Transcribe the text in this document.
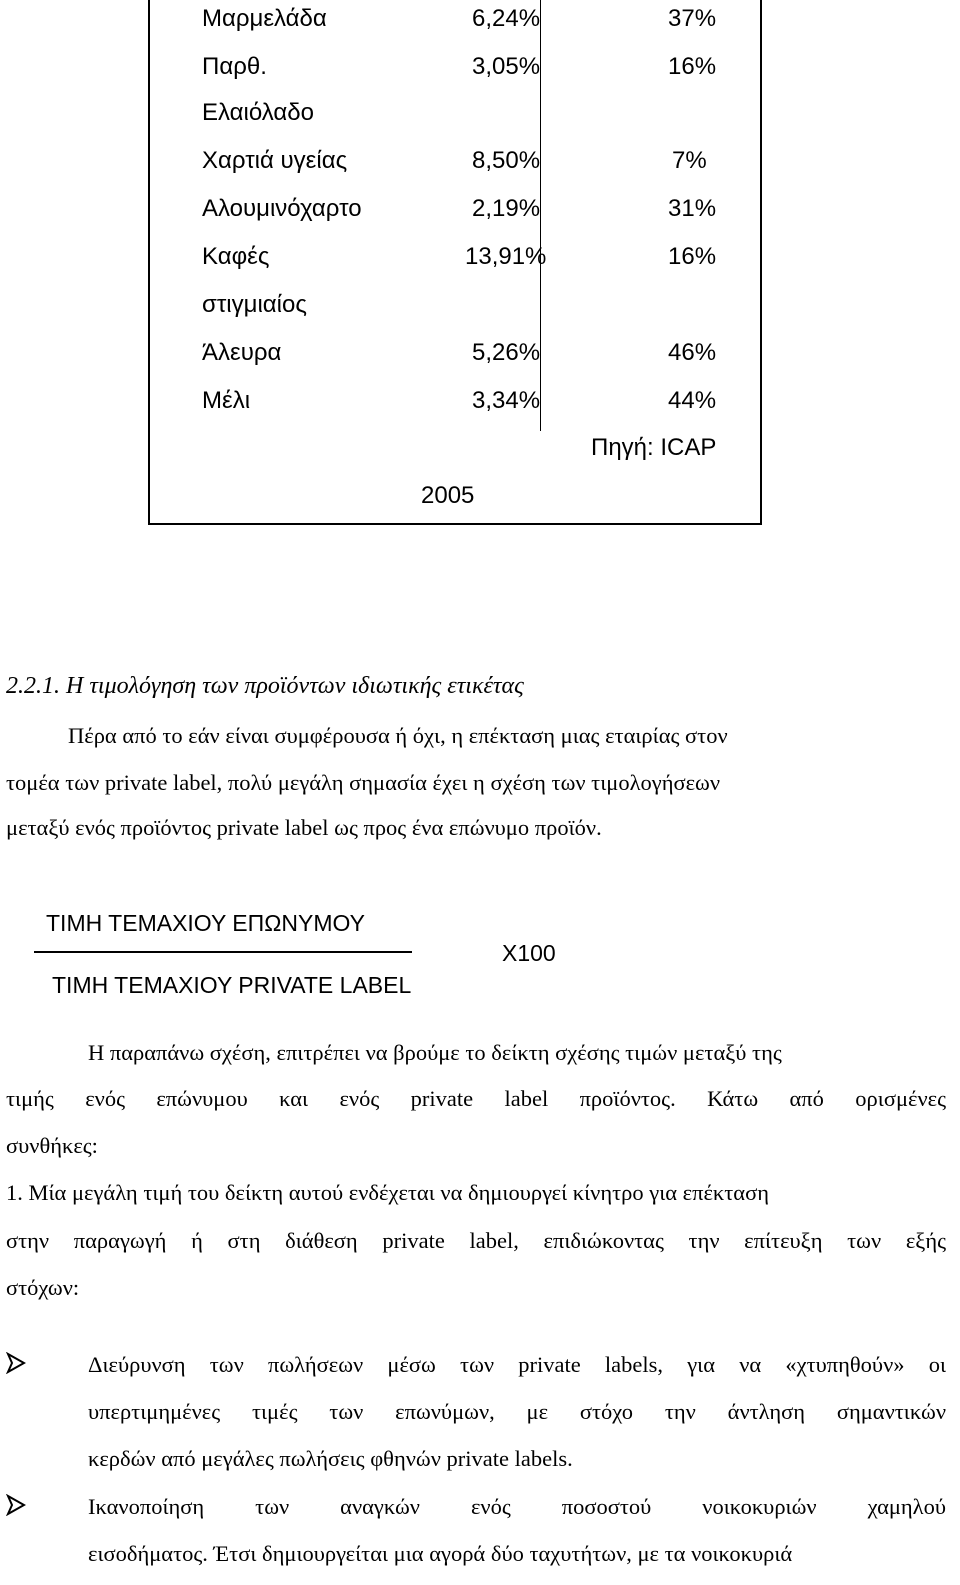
Μαρμελάδα	6,24%	37%
Παρθ.	3,05%	16%
Ελαιόλαδο
Χαρτιά υγείας	8,50%	7%
Αλουμινόχαρτο	2,19%	31%
Καφές	13,91%	16%
στιγμιαίος
Άλευρα	5,26%	46%
Μέλι	3,34%	44%
Πηγή: ICAP
2005
2.2.1. Η τιμολόγηση των προϊόντων ιδιωτικής ετικέτας
Πέρα από το εάν είναι συμφέρουσα ή όχι, η επέκταση μιας εταιρίας στον
τομέα των private label, πολύ μεγάλη σημασία έχει η σχέση των τιμολογήσεων
μεταξύ ενός προϊόντος private label ως προς ένα επώνυμο προϊόν.
ΤΙΜΗ ΤΕΜΑΧΙΟΥ ΕΠΩΝΥΜΟΥ
Χ100
ΤΙΜΗ ΤΕΜΑΧΙΟΥ PRIVATE LABEL
Η παραπάνω σχέση, επιτρέπει να βρούμε το δείκτη σχέσης τιμών μεταξύ της
τιμής ενός επώνυμου και ενός private label προϊόντος. Κάτω από ορισμένες
συνθήκες:
1. Μία μεγάλη τιμή του δείκτη αυτού ενδέχεται να δημιουργεί κίνητρο για επέκταση
στην παραγωγή ή στη διάθεση private label, επιδιώκοντας την επίτευξη των εξής
στόχων:
Διεύρυνση των πωλήσεων μέσω των private labels, για να «χτυπηθούν» οι
υπερτιμημένες τιμές των επωνύμων, με στόχο την άντληση σημαντικών
κερδών από μεγάλες πωλήσεις φθηνών private labels.
Ικανοποίηση των αναγκών ενός ποσοστού νοικοκυριών χαμηλού
εισοδήματος. Έτσι δημιουργείται μια αγορά δύο ταχυτήτων, με τα νοικοκυριά
